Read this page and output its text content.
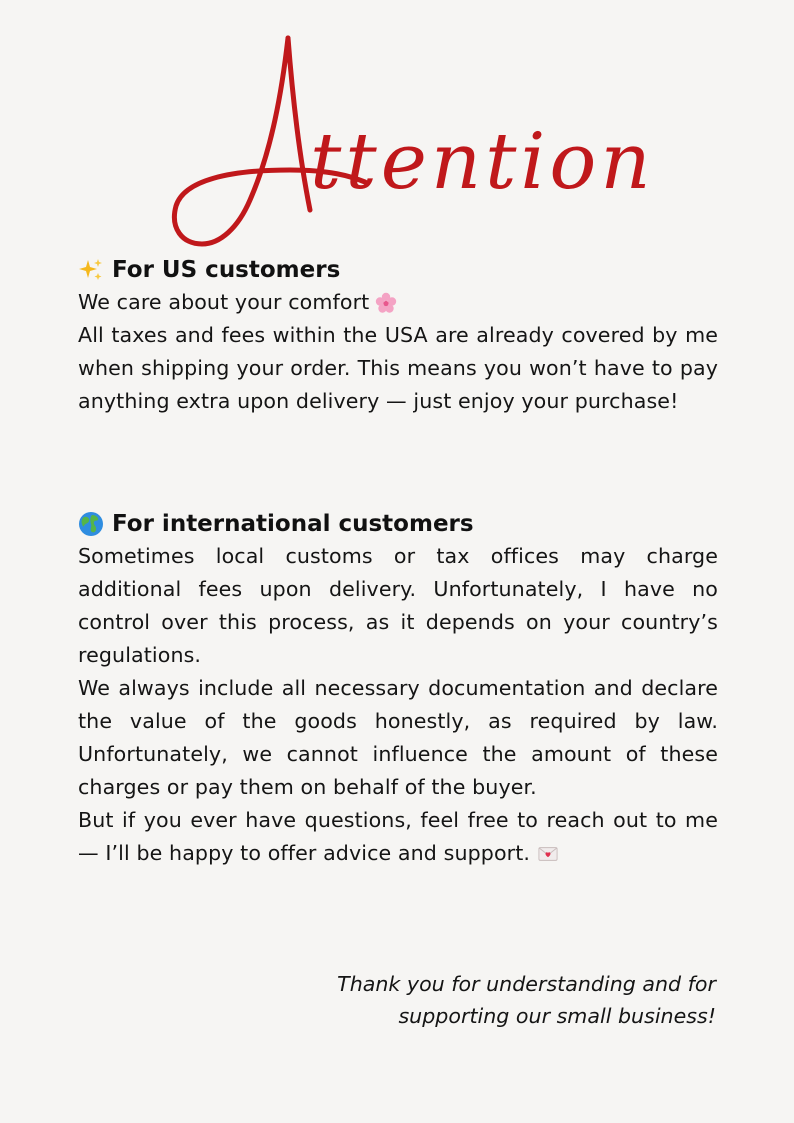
ttention
For US customers

We care about your comfort

All taxes and fees within the USA are already covered by me when shipping your order. This means you won’t have to pay anything extra upon delivery — just enjoy your purchase!

For international customers

Sometimes local customs or tax offices may charge additional fees upon delivery. Unfortunately, I have no control over this process, as it depends on your country’s regulations.

We always include all necessary documentation and declare the value of the goods honestly, as required by law. Unfortunately, we cannot influence the amount of these charges or pay them on behalf of the buyer.

But if you ever have questions, feel free to reach out to me — I’ll be happy to offer advice and support.

Thank you for understanding and for
supporting our small business!
